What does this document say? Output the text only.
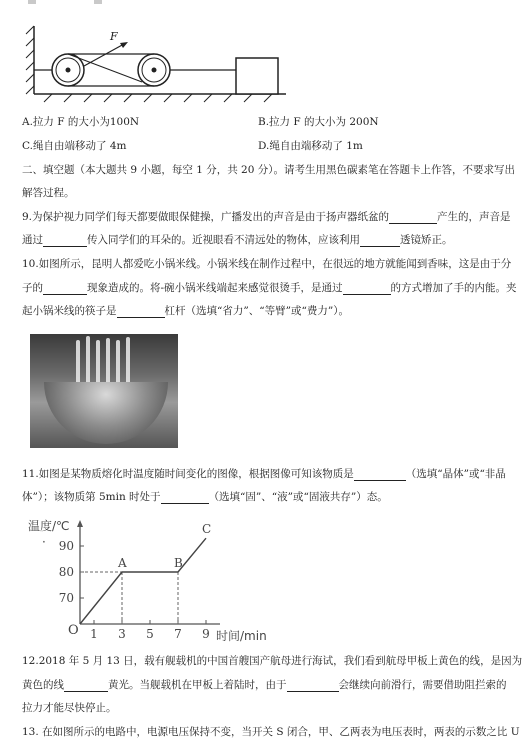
F
A.拉力 F 的大小为100N	B.拉力 F 的大小为 200N
C.绳自由端移动了 4m	D.绳自由端移动了 1m
二、填空题（本大题共 9 小题，每空 1 分，共 20 分）。请考生用黑色碳素笔在答题卡上作答，不要求写出
解答过程。
9.为保护视力同学们每天都要做眼保健操，广播发出的声音是由于扬声器纸盆的	产生的，声音是
通过	传入同学们的耳朵的。近视眼看不清远处的物体，应该利用	透镜矫正。
10.如图所示，昆明人都爱吃小锅米线。小锅米线在制作过程中，在很远的地方就能闻到香味，这是由于分
子的	现象造成的。将-碗小锅米线端起来感觉很烫手，是通过	的方式增加了手的内能。夹
起小锅米线的筷子是	杠杆（选填“省力”、“等臂”或“费力”）。
11.如图是某物质熔化时温度随时间变化的图像，根据图像可知该物质是	（选填“晶体”或“非晶
体”）；该物质第 5min 时处于	（选填“固”、“液”或“固液共存”）态。
温度/℃
·
O
70
80
90
1 3 5 7 9 时间/min
A	B
C
12.2018 年 5 月 13 日，载有舰载机的中国首艘国产航母进行海试，我们看到航母甲板上黄色的线，是因为
黄色的线	黄光。当舰载机在甲板上着陆时，由于	会继续向前滑行，需要借助阻拦索的
拉力才能尽快停止。
13. 在如图所示的电路中，电源电压保持不变，当开关 S 闭合，甲、乙两表为电压表时，两表的示数之比 U
